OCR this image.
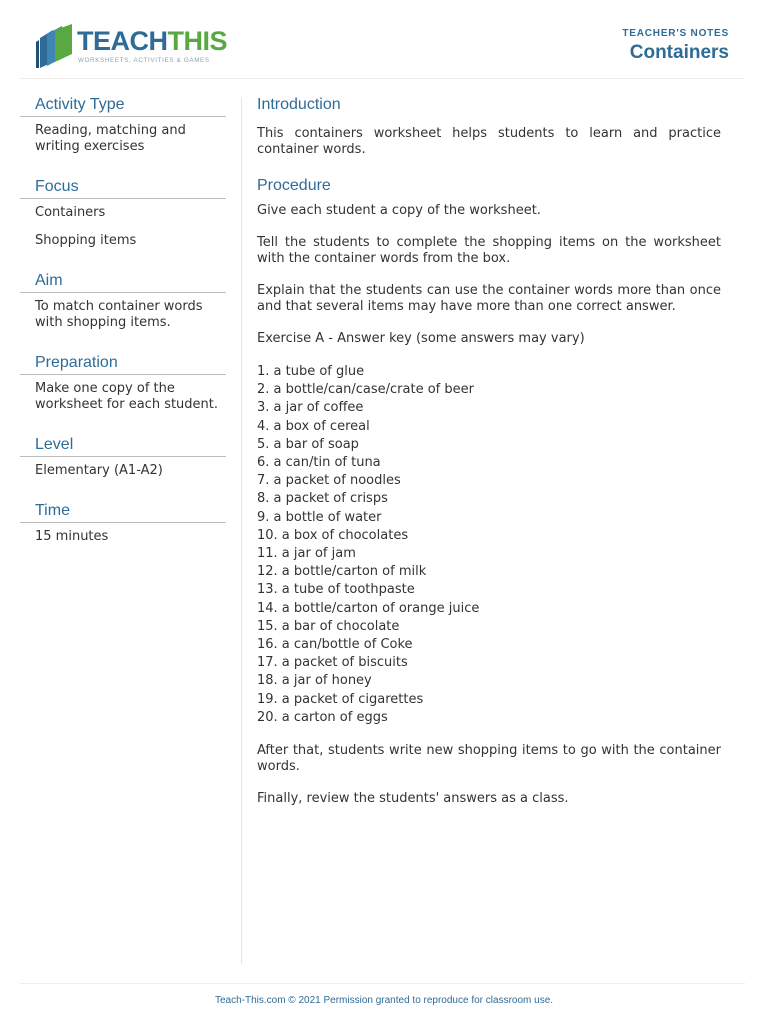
TEACHTHIS
WORKSHEETS, ACTIVITIES & GAMES
TEACHER'S NOTES
Containers
Activity Type
Reading, matching and writing exercises
Focus
Containers
Shopping items
Aim
To match container words with shopping items.
Preparation
Make one copy of the worksheet for each student.
Level
Elementary (A1-A2)
Time
15 minutes
Introduction

This containers worksheet helps students to learn and practice container words.

Procedure

Give each student a copy of the worksheet.

Tell the students to complete the shopping items on the worksheet with the container words from the box.

Explain that the students can use the container words more than once and that several items may have more than one correct answer.

Exercise A - Answer key (some answers may vary)

1. a tube of glue
2. a bottle/can/case/crate of beer
3. a jar of coffee
4. a box of cereal
5. a bar of soap
6. a can/tin of tuna
7. a packet of noodles
8. a packet of crisps
9. a bottle of water
10. a box of chocolates
11. a jar of jam
12. a bottle/carton of milk
13. a tube of toothpaste
14. a bottle/carton of orange juice
15. a bar of chocolate
16. a can/bottle of Coke
17. a packet of biscuits
18. a jar of honey
19. a packet of cigarettes
20. a carton of eggs

After that, students write new shopping items to go with the container words.

Finally, review the students' answers as a class.

Teach-This.com © 2021 Permission granted to reproduce for classroom use.
